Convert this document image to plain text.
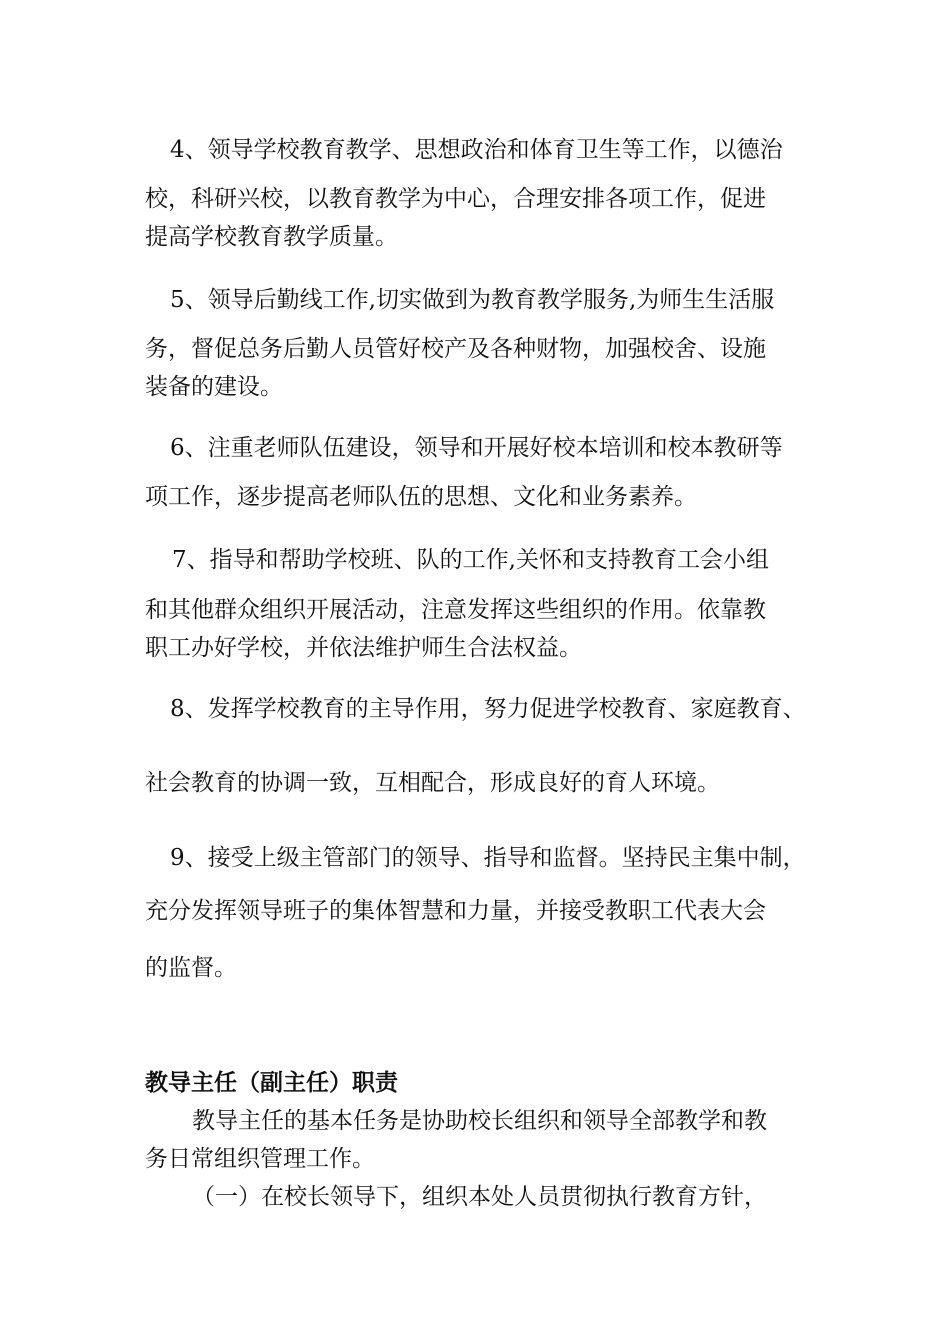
4、领导学校教育教学、思想政治和体育卫生等工作，以德治

校，科研兴校，以教育教学为中心，合理安排各项工作，促进

提高学校教育教学质量。

5、领导后勤线工作,切实做到为教育教学服务,为师生生活服

务，督促总务后勤人员管好校产及各种财物，加强校舍、设施

装备的建设。

6、注重老师队伍建设，领导和开展好校本培训和校本教研等

项工作，逐步提高老师队伍的思想、文化和业务素养。

7、指导和帮助学校班、队的工作,关怀和支持教育工会小组

和其他群众组织开展活动，注意发挥这些组织的作用。依靠教

职工办好学校，并依法维护师生合法权益。

8、发挥学校教育的主导作用，努力促进学校教育、家庭教育、

社会教育的协调一致，互相配合，形成良好的育人环境。

9、接受上级主管部门的领导、指导和监督。坚持民主集中制，

充分发挥领导班子的集体智慧和力量，并接受教职工代表大会

的监督。

教导主任（副主任）职责

教导主任的基本任务是协助校长组织和领导全部教学和教

务日常组织管理工作。

（一）在校长领导下，组织本处人员贯彻执行教育方针，
